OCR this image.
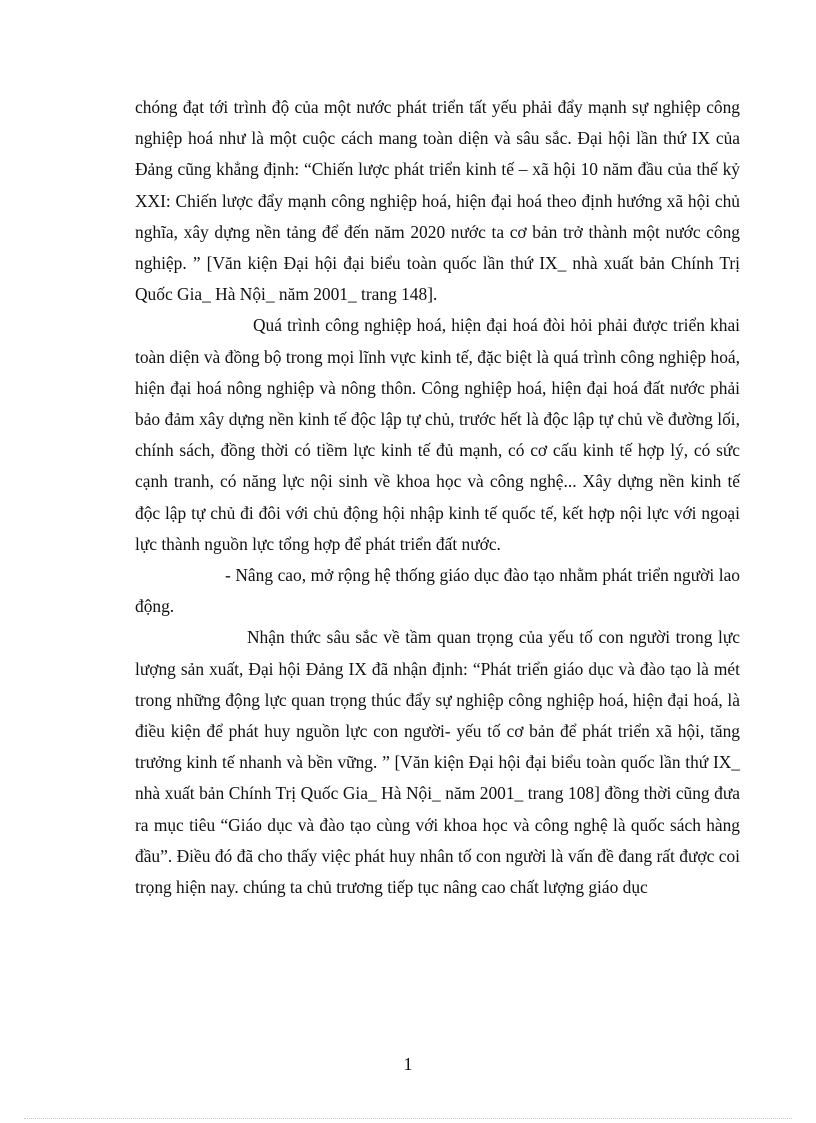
chóng đạt tới trình độ của một nước phát triển tất yếu phải đẩy mạnh sự nghiệp công nghiệp hoá như là một cuộc cách mang toàn diện và sâu sắc. Đại hội lần thứ IX của Đảng cũng khẳng định: “Chiến lược phát triển kinh tế – xã hội 10 năm đầu của thế kỷ XXI: Chiến lược đẩy mạnh công nghiệp hoá, hiện đại hoá theo định hướng xã hội chủ nghĩa, xây dựng nền tảng để đến năm 2020 nước ta cơ bản trở thành một nước công nghiệp. ” [Văn kiện Đại hội đại biểu toàn quốc lần thứ IX_ nhà xuất bản Chính Trị Quốc Gia_ Hà Nội_ năm 2001_ trang 148].

Quá trình công nghiệp hoá, hiện đại hoá đòi hỏi phải được triển khai toàn diện và đồng bộ trong mọi lĩnh vực kinh tế, đặc biệt là quá trình công nghiệp hoá, hiện đại hoá nông nghiệp và nông thôn. Công nghiệp hoá, hiện đại hoá đất nước phải bảo đảm xây dựng nền kinh tế độc lập tự chủ, trước hết là độc lập tự chủ về đường lối, chính sách, đồng thời có tiềm lực kinh tế đủ mạnh, có cơ cấu kinh tế hợp lý, có sức cạnh tranh, có năng lực nội sinh về khoa học và công nghệ... Xây dựng nền kinh tế độc lập tự chủ đi đôi với chủ động hội nhập kinh tế quốc tế, kết hợp nội lực với ngoại lực thành nguồn lực tổng hợp để phát triển đất nước.

- Nâng cao, mở rộng hệ thống giáo dục đào tạo nhằm phát triển người lao động.

Nhận thức sâu sắc về tầm quan trọng của yếu tố con người trong lực lượng sản xuất, Đại hội Đảng IX đã nhận định: “Phát triển giáo dục và đào tạo là mét trong những động lực quan trọng thúc đẩy sự nghiệp công nghiệp hoá, hiện đại hoá, là điều kiện để phát huy nguồn lực con người- yếu tố cơ bản để phát triển xã hội, tăng trưởng kinh tế nhanh và bền vững. ” [Văn kiện Đại hội đại biểu toàn quốc lần thứ IX_ nhà xuất bản Chính Trị Quốc Gia_ Hà Nội_ năm 2001_ trang 108] đồng thời cũng đưa ra mục tiêu “Giáo dục và đào tạo cùng với khoa học và công nghệ là quốc sách hàng đầu”. Điều đó đã cho thấy việc phát huy nhân tố con người là vấn đề đang rất được coi trọng hiện nay. chúng ta chủ trương tiếp tục nâng cao chất lượng giáo dục

1
